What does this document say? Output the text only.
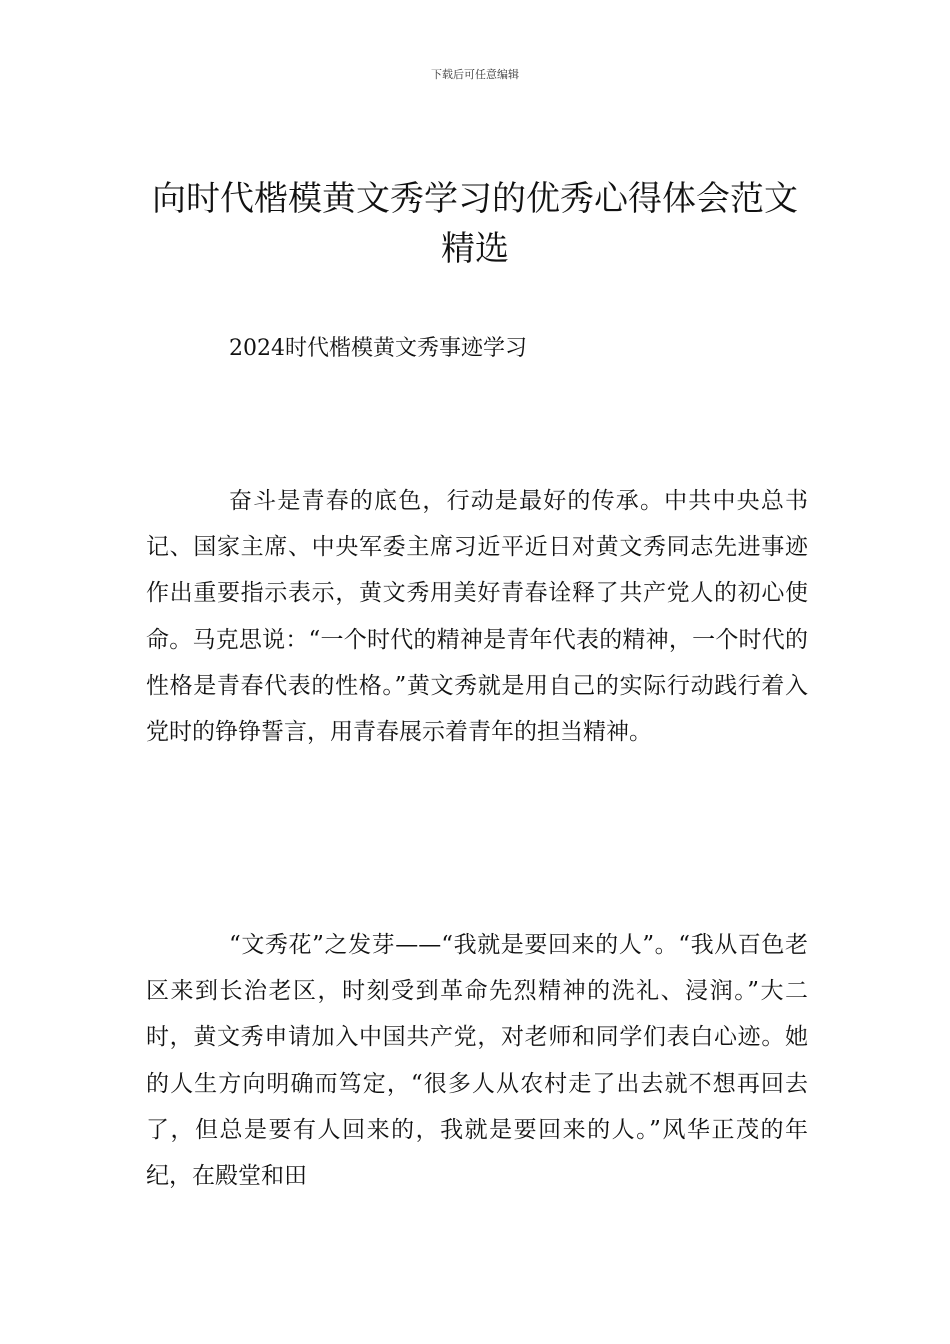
下载后可任意编辑
向时代楷模黄文秀学习的优秀心得体会范文精选

2024时代楷模黄文秀事迹学习

奋斗是青春的底色，行动是最好的传承。中共中央总书记、国家主席、中央军委主席习近平近日对黄文秀同志先进事迹作出重要指示表示，黄文秀用美好青春诠释了共产党人的初心使命。马克思说：“一个时代的精神是青年代表的精神，一个时代的性格是青春代表的性格。”黄文秀就是用自己的实际行动践行着入党时的铮铮誓言，用青春展示着青年的担当精神。

“文秀花”之发芽——“我就是要回来的人”。“我从百色老区来到长治老区，时刻受到革命先烈精神的洗礼、浸润。”大二时，黄文秀申请加入中国共产党，对老师和同学们表白心迹。她的人生方向明确而笃定，“很多人从农村走了出去就不想再回去了，但总是要有人回来的，我就是要回来的人。”风华正茂的年纪，在殿堂和田
